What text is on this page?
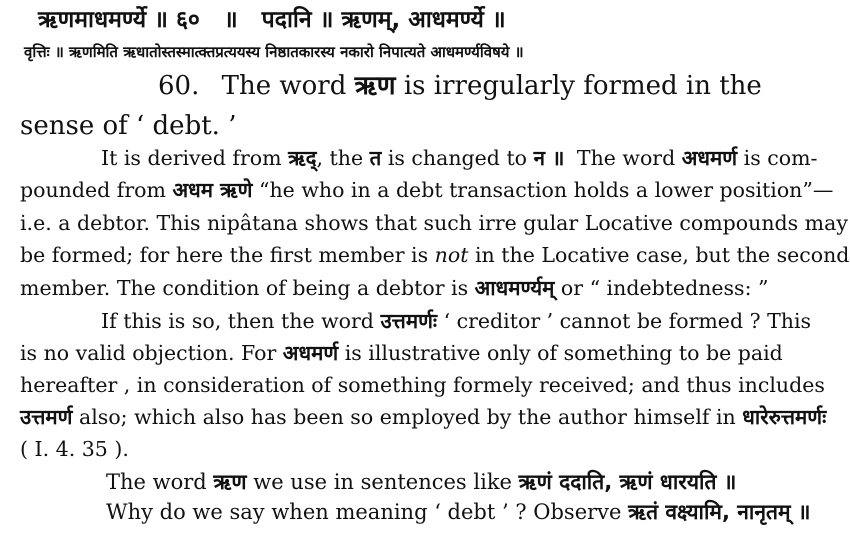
ऋणमाधमर्ण्ये ॥ ६० ॥ पदानि ॥ ऋणम्, आधमर्ण्ये ॥
वृत्तिः ॥ ऋणमिति ऋधातोस्तस्मात्क्तप्रत्ययस्य निष्ठातकारस्य नकारो निपात्यते आधमर्ण्यविषये ॥
60. The word ऋण is irregularly formed in the
sense of ‘ debt. ’
It is derived from ऋद्, the त is changed to न ॥ The word अधमर्ण is com-
pounded from अधम ऋणे “he who in a debt transaction holds a lower position”—
i.e. a debtor. This nipâtana shows that such irre gular Locative compounds may
be formed; for here the first member is not in the Locative case, but the second
member. The condition of being a debtor is आधमर्ण्यम् or “ indebtedness: ”
If this is so, then the word उत्तमर्णः ‘ creditor ’ cannot be formed ? This
is no valid objection. For अधमर्ण is illustrative only of something to be paid
hereafter , in consideration of something formely received; and thus includes
उत्तमर्ण also; which also has been so employed by the author himself in धारेरुत्तमर्णः
( I. 4. 35 ).
The word ऋण we use in sentences like ऋणं ददाति, ऋणं धारयति ॥
Why do we say when meaning ‘ debt ’ ? Observe ऋतं वक्ष्यामि, नानृतम् ॥
